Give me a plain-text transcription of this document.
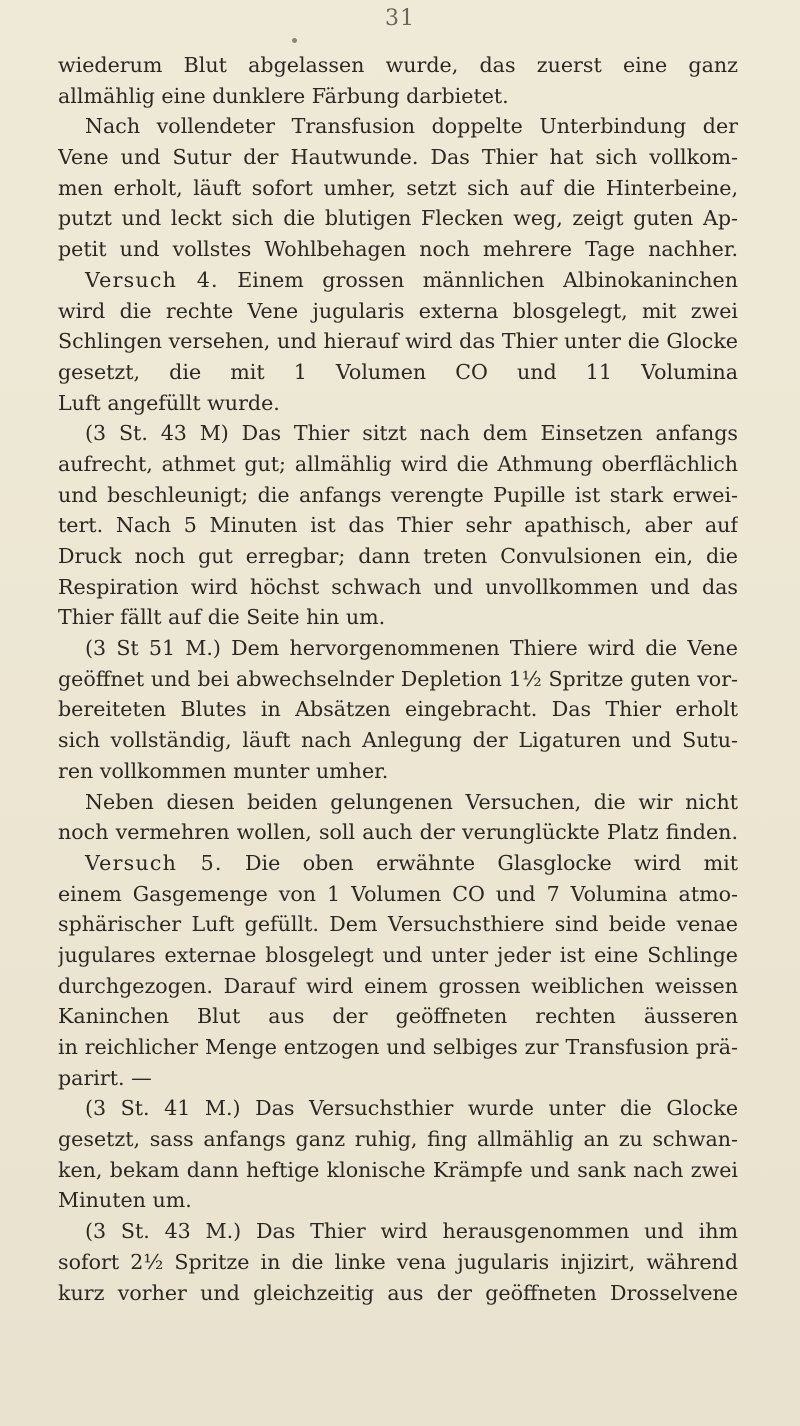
31
wiederum Blut abgelassen wurde, das zuerst eine ganz
allmählig eine dunklere Färbung darbietet.
Nach vollendeter Transfusion doppelte Unterbindung der
Vene und Sutur der Hautwunde. Das Thier hat sich vollkom-
men erholt, läuft sofort umher, setzt sich auf die Hinterbeine,
putzt und leckt sich die blutigen Flecken weg, zeigt guten Ap-
petit und vollstes Wohlbehagen noch mehrere Tage nachher.
Versuch 4. Einem grossen männlichen Albinokaninchen
wird die rechte Vene jugularis externa blosgelegt, mit zwei
Schlingen versehen, und hierauf wird das Thier unter die Glocke
gesetzt, die mit 1 Volumen CO und 11 Volumina
Luft angefüllt wurde.
(3 St. 43 M) Das Thier sitzt nach dem Einsetzen anfangs
aufrecht, athmet gut; allmählig wird die Athmung oberflächlich
und beschleunigt; die anfangs verengte Pupille ist stark erwei-
tert. Nach 5 Minuten ist das Thier sehr apathisch, aber auf
Druck noch gut erregbar; dann treten Convulsionen ein, die
Respiration wird höchst schwach und unvollkommen und das
Thier fällt auf die Seite hin um.
(3 St 51 M.) Dem hervorgenommenen Thiere wird die Vene
geöffnet und bei abwechselnder Depletion 1½ Spritze guten vor-
bereiteten Blutes in Absätzen eingebracht. Das Thier erholt
sich vollständig, läuft nach Anlegung der Ligaturen und Sutu-
ren vollkommen munter umher.
Neben diesen beiden gelungenen Versuchen, die wir nicht
noch vermehren wollen, soll auch der verunglückte Platz finden.
Versuch 5. Die oben erwähnte Glasglocke wird mit
einem Gasgemenge von 1 Volumen CO und 7 Volumina atmo-
sphärischer Luft gefüllt. Dem Versuchsthiere sind beide venae
jugulares externae blosgelegt und unter jeder ist eine Schlinge
durchgezogen. Darauf wird einem grossen weiblichen weissen
Kaninchen Blut aus der geöffneten rechten äusseren
in reichlicher Menge entzogen und selbiges zur Transfusion prä-
parirt. —
(3 St. 41 M.) Das Versuchsthier wurde unter die Glocke
gesetzt, sass anfangs ganz ruhig, fing allmählig an zu schwan-
ken, bekam dann heftige klonische Krämpfe und sank nach zwei
Minuten um.
(3 St. 43 M.) Das Thier wird herausgenommen und ihm
sofort 2½ Spritze in die linke vena jugularis injizirt, während
kurz vorher und gleichzeitig aus der geöffneten Drosselvene
